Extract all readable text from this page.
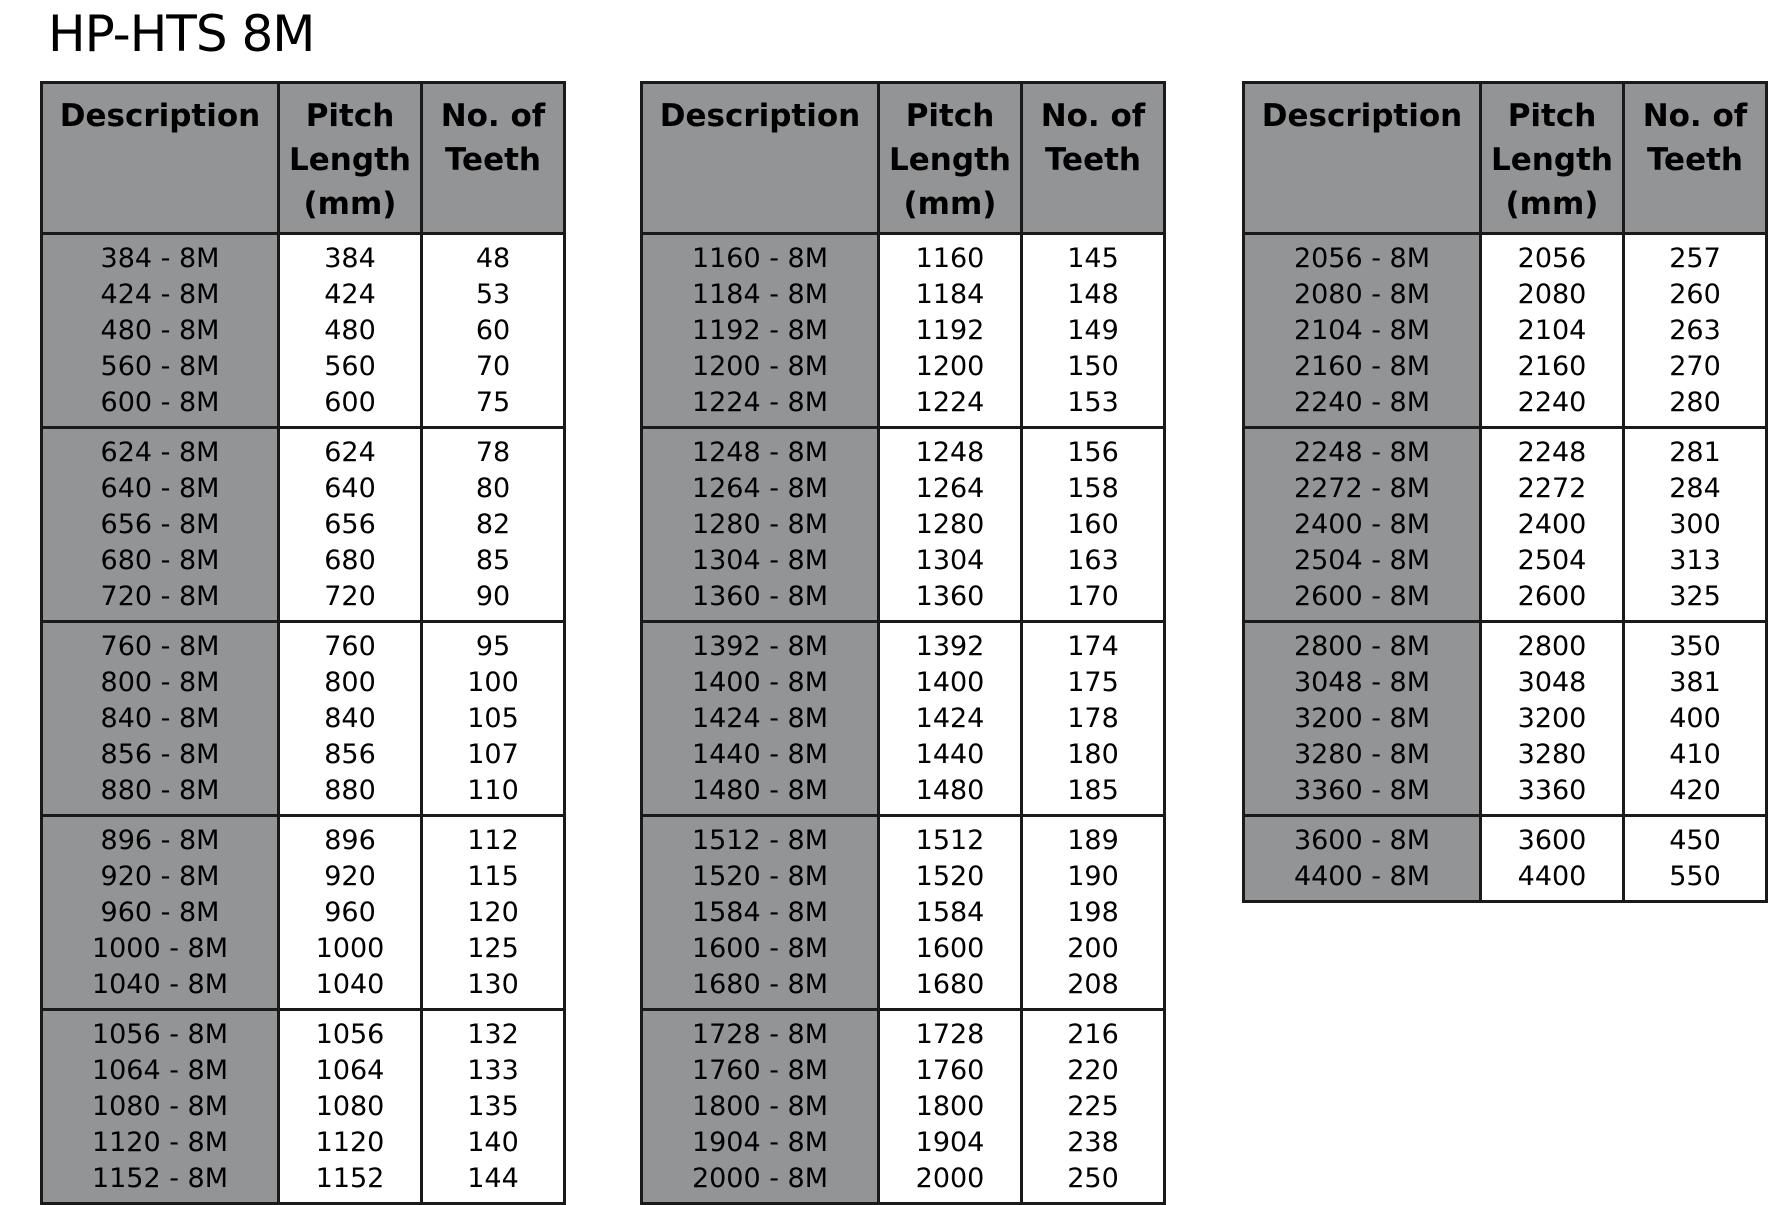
HP-HTS 8M
Description	Pitch Length (mm)	No. of Teeth
384 - 8M	384	48
424 - 8M	424	53
480 - 8M	480	60
560 - 8M	560	70
600 - 8M	600	75
624 - 8M	624	78
640 - 8M	640	80
656 - 8M	656	82
680 - 8M	680	85
720 - 8M	720	90
760 - 8M	760	95
800 - 8M	800	100
840 - 8M	840	105
856 - 8M	856	107
880 - 8M	880	110
896 - 8M	896	112
920 - 8M	920	115
960 - 8M	960	120
1000 - 8M	1000	125
1040 - 8M	1040	130
1056 - 8M	1056	132
1064 - 8M	1064	133
1080 - 8M	1080	135
1120 - 8M	1120	140
1152 - 8M	1152	144
Description	Pitch Length (mm)	No. of Teeth
1160 - 8M	1160	145
1184 - 8M	1184	148
1192 - 8M	1192	149
1200 - 8M	1200	150
1224 - 8M	1224	153
1248 - 8M	1248	156
1264 - 8M	1264	158
1280 - 8M	1280	160
1304 - 8M	1304	163
1360 - 8M	1360	170
1392 - 8M	1392	174
1400 - 8M	1400	175
1424 - 8M	1424	178
1440 - 8M	1440	180
1480 - 8M	1480	185
1512 - 8M	1512	189
1520 - 8M	1520	190
1584 - 8M	1584	198
1600 - 8M	1600	200
1680 - 8M	1680	208
1728 - 8M	1728	216
1760 - 8M	1760	220
1800 - 8M	1800	225
1904 - 8M	1904	238
2000 - 8M	2000	250
Description	Pitch Length (mm)	No. of Teeth
2056 - 8M	2056	257
2080 - 8M	2080	260
2104 - 8M	2104	263
2160 - 8M	2160	270
2240 - 8M	2240	280
2248 - 8M	2248	281
2272 - 8M	2272	284
2400 - 8M	2400	300
2504 - 8M	2504	313
2600 - 8M	2600	325
2800 - 8M	2800	350
3048 - 8M	3048	381
3200 - 8M	3200	400
3280 - 8M	3280	410
3360 - 8M	3360	420
3600 - 8M	3600	450
4400 - 8M	4400	550
